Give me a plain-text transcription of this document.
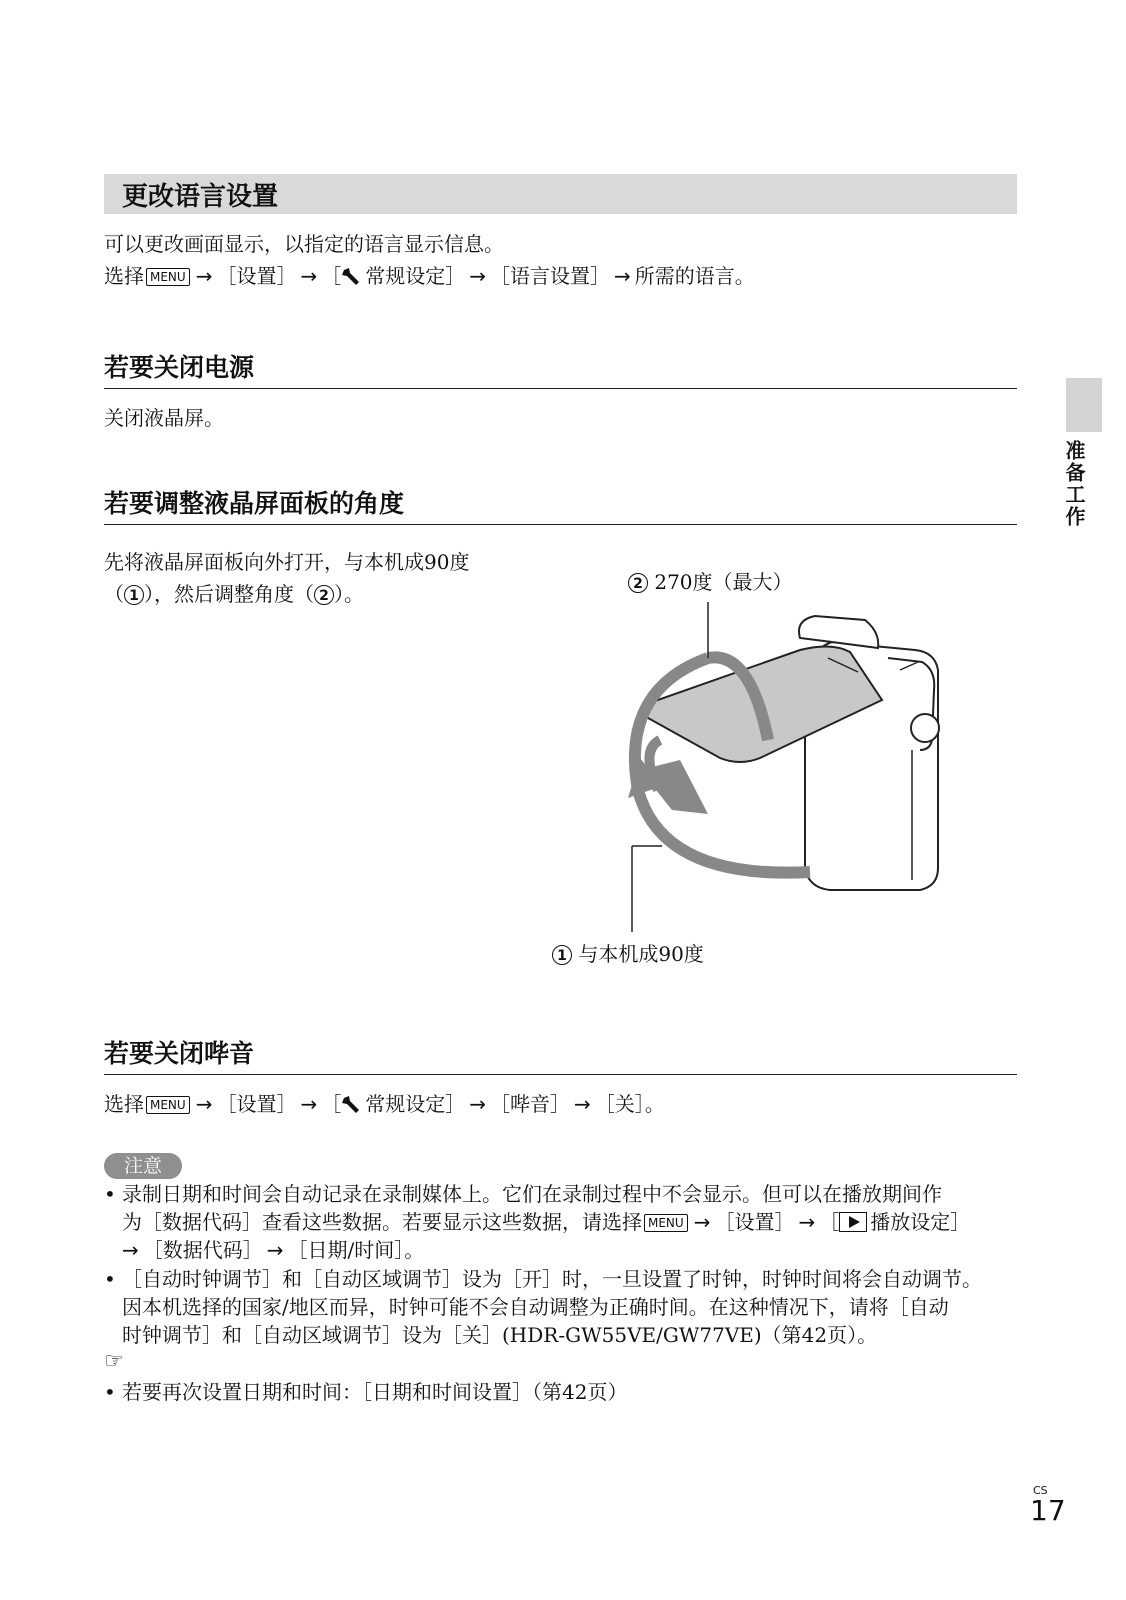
更改语言设置
可以更改画面显示，以指定的语言显示信息。
选择 MENU → ［设置］ → ［ 常规设定］ → ［语言设置］ → 所需的语言。
若要关闭电源
关闭液晶屏。
准备工作
若要调整液晶屏面板的角度
先将液晶屏面板向外打开，与本机成90度
（ 1 ），然后调整角度（ 2 ）。	2 270度（最大）
1 与本机成90度
若要关闭哔音
选择 MENU → ［设置］ → ［ 常规设定］ → ［哔音］ → ［关］。
注意
• 录制日期和时间会自动记录在录制媒体上。它们在录制过程中不会显示。但可以在播放期间作
为［数据代码］查看这些数据。若要显示这些数据，请选择 MENU → ［设置］ → ［ 播放设定］
→ ［数据代码］ → ［日期/时间］。
• ［自动时钟调节］和［自动区域调节］设为［开］时，一旦设置了时钟，时钟时间将会自动调节。
因本机选择的国家/地区而异，时钟可能不会自动调整为正确时间。在这种情况下，请将［自动
时钟调节］和［自动区域调节］设为［关］(HDR-GW55VE/GW77VE)（第42页）。
☞
• 若要再次设置日期和时间：［日期和时间设置］（第42页）
CS
17
